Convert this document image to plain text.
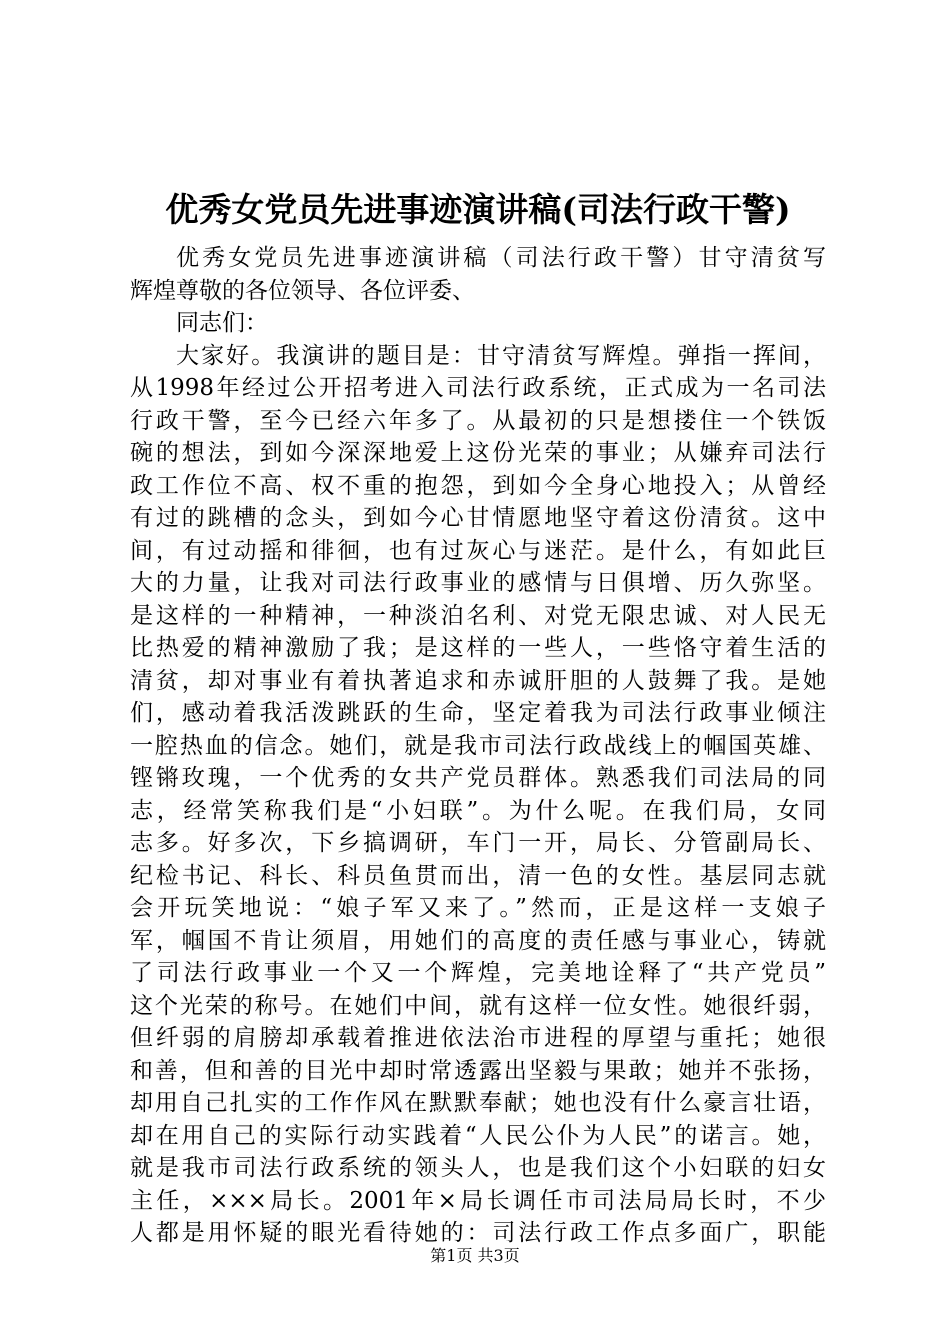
优秀女党员先进事迹演讲稿(司法行政干警)
优秀女党员先进事迹演讲稿（司法行政干警）甘守清贫写
辉煌尊敬的各位领导、各位评委、
同志们：
大家好。我演讲的题目是：甘守清贫写辉煌。弹指一挥间，
从1998年经过公开招考进入司法行政系统，正式成为一名司法
行政干警，至今已经六年多了。从最初的只是想搂住一个铁饭
碗的想法，到如今深深地爱上这份光荣的事业；从嫌弃司法行
政工作位不高、权不重的抱怨，到如今全身心地投入；从曾经
有过的跳槽的念头，到如今心甘情愿地坚守着这份清贫。这中
间，有过动摇和徘徊，也有过灰心与迷茫。是什么，有如此巨
大的力量，让我对司法行政事业的感情与日俱增、历久弥坚。
是这样的一种精神，一种淡泊名利、对党无限忠诚、对人民无
比热爱的精神激励了我；是这样的一些人，一些恪守着生活的
清贫，却对事业有着执著追求和赤诚肝胆的人鼓舞了我。是她
们，感动着我活泼跳跃的生命，坚定着我为司法行政事业倾注
一腔热血的信念。她们，就是我市司法行政战线上的帼国英雄、
铿锵玫瑰，一个优秀的女共产党员群体。熟悉我们司法局的同
志，经常笑称我们是“小妇联”。为什么呢。在我们局，女同
志多。好多次，下乡搞调研，车门一开，局长、分管副局长、
纪检书记、科长、科员鱼贯而出，清一色的女性。基层同志就
会开玩笑地说：“娘子军又来了。”然而，正是这样一支娘子
军，帼国不肯让须眉，用她们的高度的责任感与事业心，铸就
了司法行政事业一个又一个辉煌，完美地诠释了“共产党员”
这个光荣的称号。在她们中间，就有这样一位女性。她很纤弱，
但纤弱的肩膀却承载着推进依法治市进程的厚望与重托；她很
和善，但和善的目光中却时常透露出坚毅与果敢；她并不张扬，
却用自己扎实的工作作风在默默奉献；她也没有什么豪言壮语，
却在用自己的实际行动实践着“人民公仆为人民”的诺言。她，
就是我市司法行政系统的领头人，也是我们这个小妇联的妇女
主任，×××局长。2001年×局长调任市司法局局长时，不少
人都是用怀疑的眼光看待她的：司法行政工作点多面广，职能
第1页 共3页
